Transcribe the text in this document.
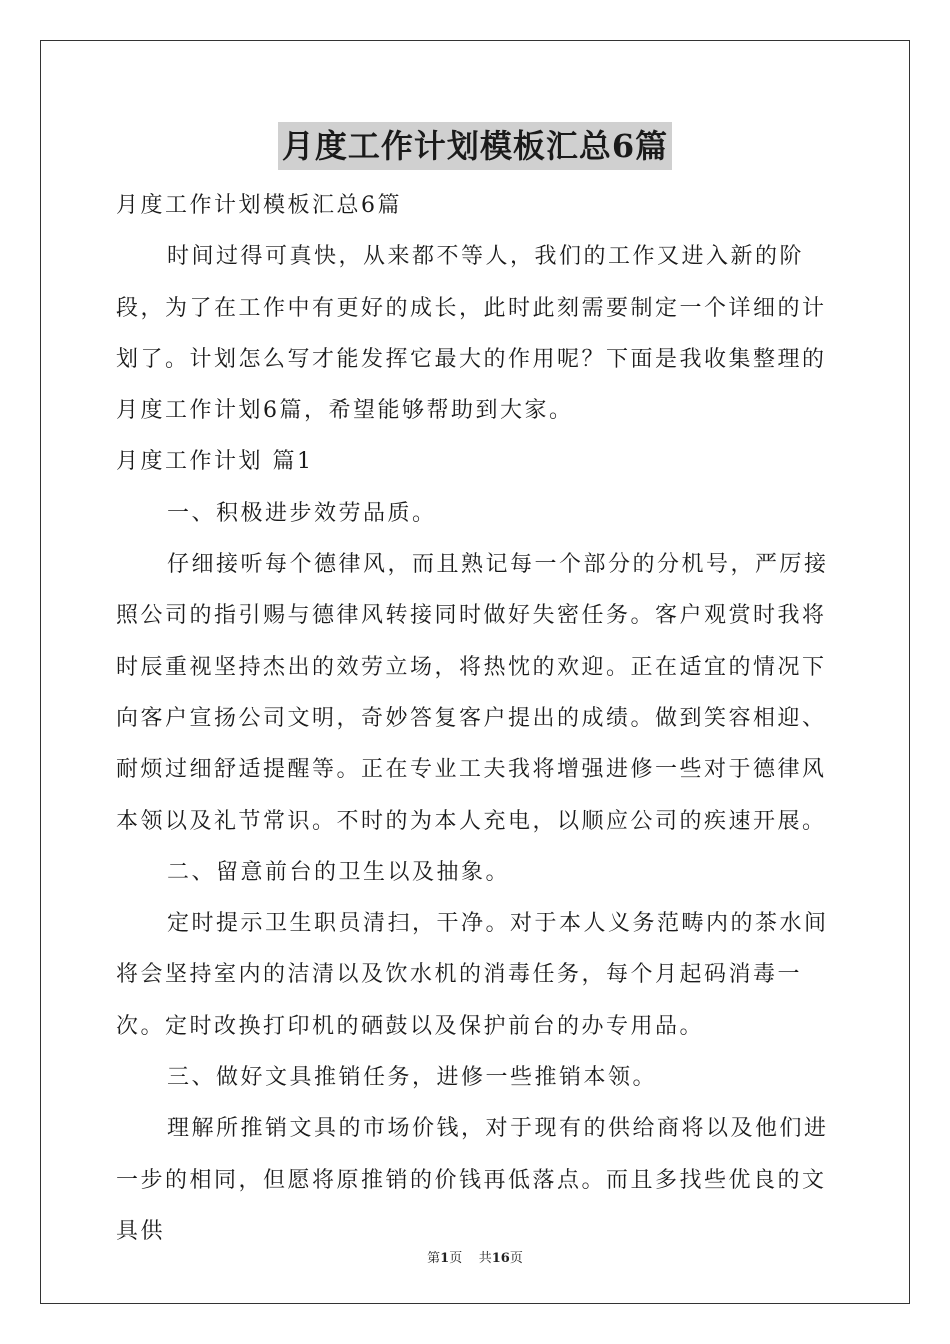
月度工作计划模板汇总6篇

月度工作计划模板汇总6篇

时间过得可真快，从来都不等人，我们的工作又进入新的阶段，为了在工作中有更好的成长，此时此刻需要制定一个详细的计划了。计划怎么写才能发挥它最大的作用呢？下面是我收集整理的月度工作计划6篇，希望能够帮助到大家。

月度工作计划 篇1

一、积极进步效劳品质。

仔细接听每个德律风，而且熟记每一个部分的分机号，严厉接照公司的指引赐与德律风转接同时做好失密任务。客户观赏时我将时辰重视坚持杰出的效劳立场，将热忱的欢迎。正在适宜的情况下向客户宣扬公司文明，奇妙答复客户提出的成绩。做到笑容相迎、耐烦过细舒适提醒等。正在专业工夫我将增强进修一些对于德律风本领以及礼节常识。不时的为本人充电，以顺应公司的疾速开展。

二、留意前台的卫生以及抽象。

定时提示卫生职员清扫，干净。对于本人义务范畴内的茶水间将会坚持室内的洁清以及饮水机的消毒任务，每个月起码消毒一次。定时改换打印机的硒鼓以及保护前台的办专用品。

三、做好文具推销任务，进修一些推销本领。

理解所推销文具的市场价钱，对于现有的供给商将以及他们进一步的相同，但愿将原推销的价钱再低落点。而且多找些优良的文具供

第1页 共16页
